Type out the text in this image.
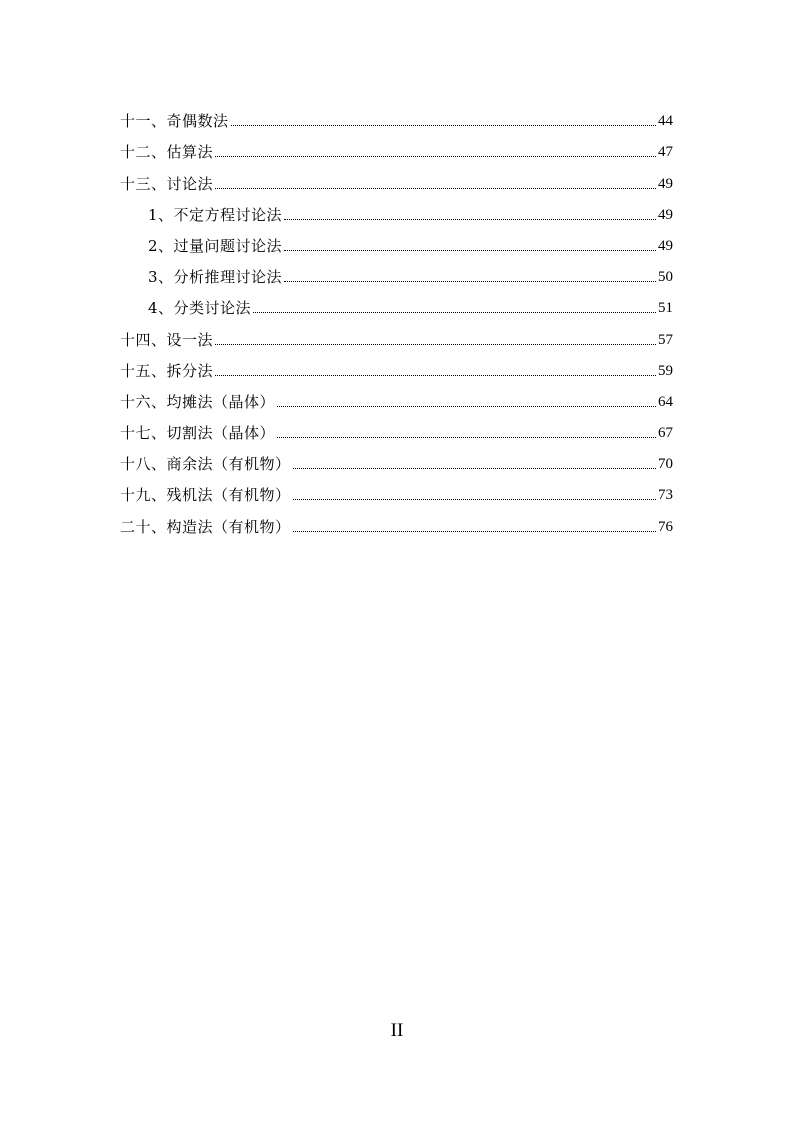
十一、奇偶数法	44
十二、估算法	47
十三、讨论法	49
1、不定方程讨论法	49
2、过量问题讨论法	49
3、分析推理讨论法	50
4、分类讨论法	51
十四、设一法	57
十五、拆分法	59
十六、均摊法（晶体）	64
十七、切割法（晶体）	67
十八、商余法（有机物）	70
十九、残机法（有机物）	73
二十、构造法（有机物）	76
II
